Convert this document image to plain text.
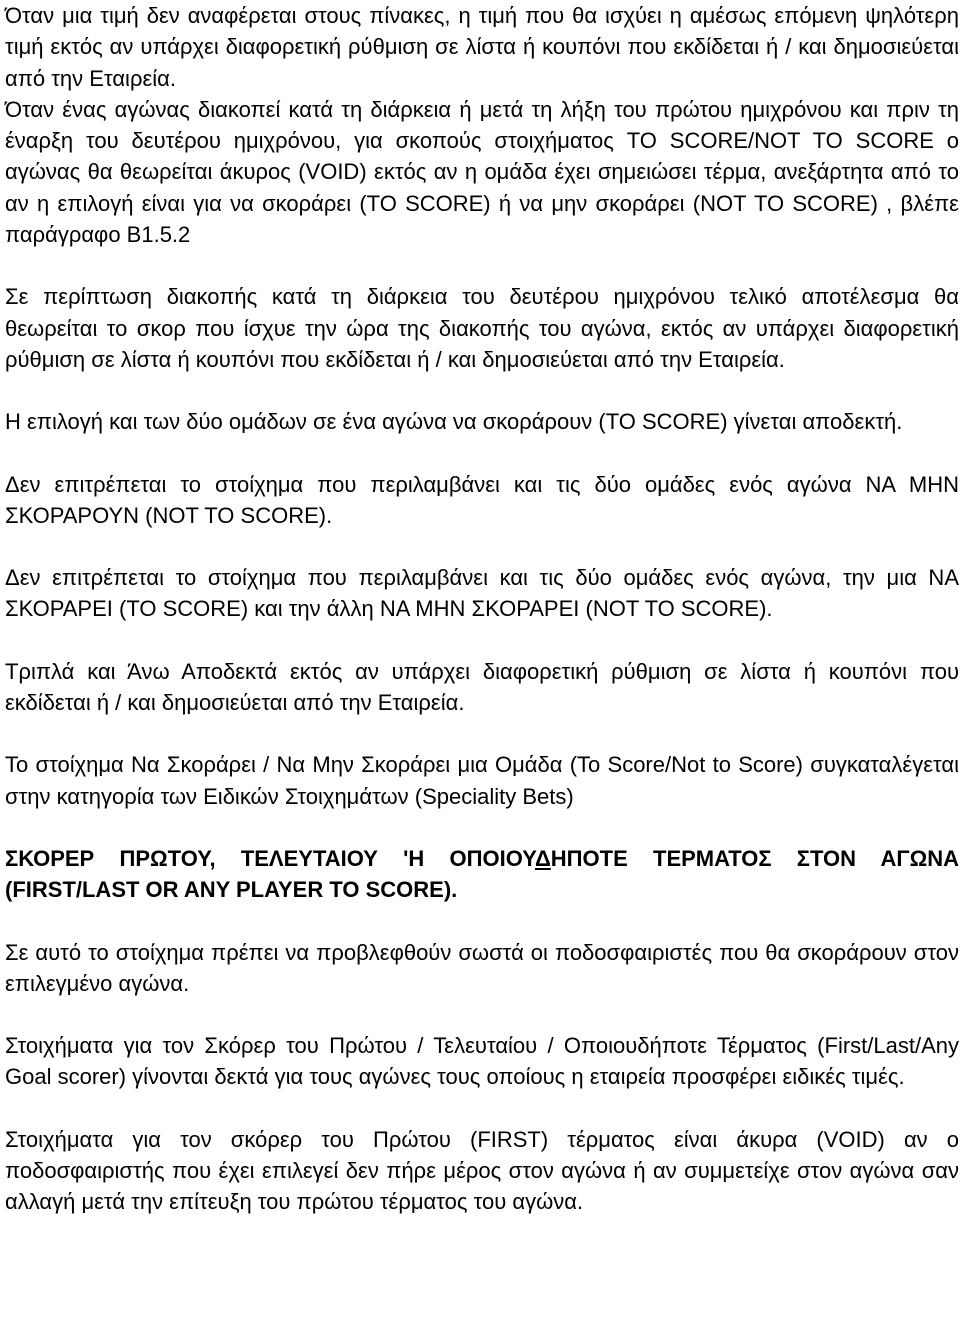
Όταν μια τιμή δεν αναφέρεται στους πίνακες, η τιμή που θα ισχύει η αμέσως επόμενη ψηλότερη τιμή εκτός αν υπάρχει διαφορετική ρύθμιση σε λίστα ή κουπόνι που εκδίδεται ή / και δημοσιεύεται από την Εταιρεία.

Όταν ένας αγώνας διακοπεί κατά τη διάρκεια ή μετά τη λήξη του πρώτου ημιχρόνου και πριν τη έναρξη του δευτέρου ημιχρόνου, για σκοπούς στοιχήματος TO SCORE/NOT TO SCORE ο αγώνας θα θεωρείται άκυρος (VOID) εκτός αν η ομάδα έχει σημειώσει τέρμα, ανεξάρτητα από το αν η επιλογή είναι για να σκοράρει (TO SCORE) ή να μην σκοράρει (NOT TO SCORE) , βλέπε παράγραφο Β1.5.2

Σε περίπτωση διακοπής κατά τη διάρκεια του δευτέρου ημιχρόνου τελικό αποτέλεσμα θα θεωρείται το σκορ που ίσχυε την ώρα της διακοπής του αγώνα, εκτός αν υπάρχει διαφορετική ρύθμιση σε λίστα ή κουπόνι που εκδίδεται ή / και δημοσιεύεται από την Εταιρεία.

Η επιλογή και των δύο ομάδων σε ένα αγώνα να σκοράρουν (TO SCORE) γίνεται αποδεκτή.

Δεν επιτρέπεται το στοίχημα που περιλαμβάνει και τις δύο ομάδες ενός αγώνα ΝΑ ΜΗΝ ΣΚΟΡΑΡΟΥΝ (NOT TO SCORE).

Δεν επιτρέπεται το στοίχημα που περιλαμβάνει και τις δύο ομάδες ενός αγώνα, την μια ΝΑ ΣΚΟΡΑΡΕΙ (TO SCORE) και την άλλη ΝΑ ΜΗΝ ΣΚΟΡΑΡΕΙ (NOT TO SCORE).

Τριπλά και Άνω Αποδεκτά εκτός αν υπάρχει διαφορετική ρύθμιση σε λίστα ή κουπόνι που εκδίδεται ή / και δημοσιεύεται από την Εταιρεία.

Το στοίχημα Να Σκοράρει / Να Μην Σκοράρει μια Ομάδα (To Score/Not to Score) συγκαταλέγεται στην κατηγορία των Ειδικών Στοιχημάτων (Speciality Bets)

ΣΚΟΡΕΡ ΠΡΩΤΟΥ, ΤΕΛΕΥΤΑΙΟΥ 'Η ΟΠΟΙΟΥΔΗΠΟΤΕ ΤΕΡΜΑΤΟΣ ΣΤΟΝ ΑΓΩΝΑ (FIRST/LAST OR ANY PLAYER TO SCORE).

Σε αυτό το στοίχημα πρέπει να προβλεφθούν σωστά οι ποδοσφαιριστές που θα σκοράρουν στον επιλεγμένο αγώνα.

Στοιχήματα για τον Σκόρερ του Πρώτου / Τελευταίου / Οποιουδήποτε Τέρματος (First/Last/Any Goal scorer) γίνονται δεκτά για τους αγώνες τους οποίους η εταιρεία προσφέρει ειδικές τιμές.

Στοιχήματα για τον σκόρερ του Πρώτου (FIRST) τέρματος είναι άκυρα (VOID) αν ο ποδοσφαιριστής που έχει επιλεγεί δεν πήρε μέρος στον αγώνα ή αν συμμετείχε στον αγώνα σαν αλλαγή μετά την επίτευξη του πρώτου τέρματος του αγώνα.
